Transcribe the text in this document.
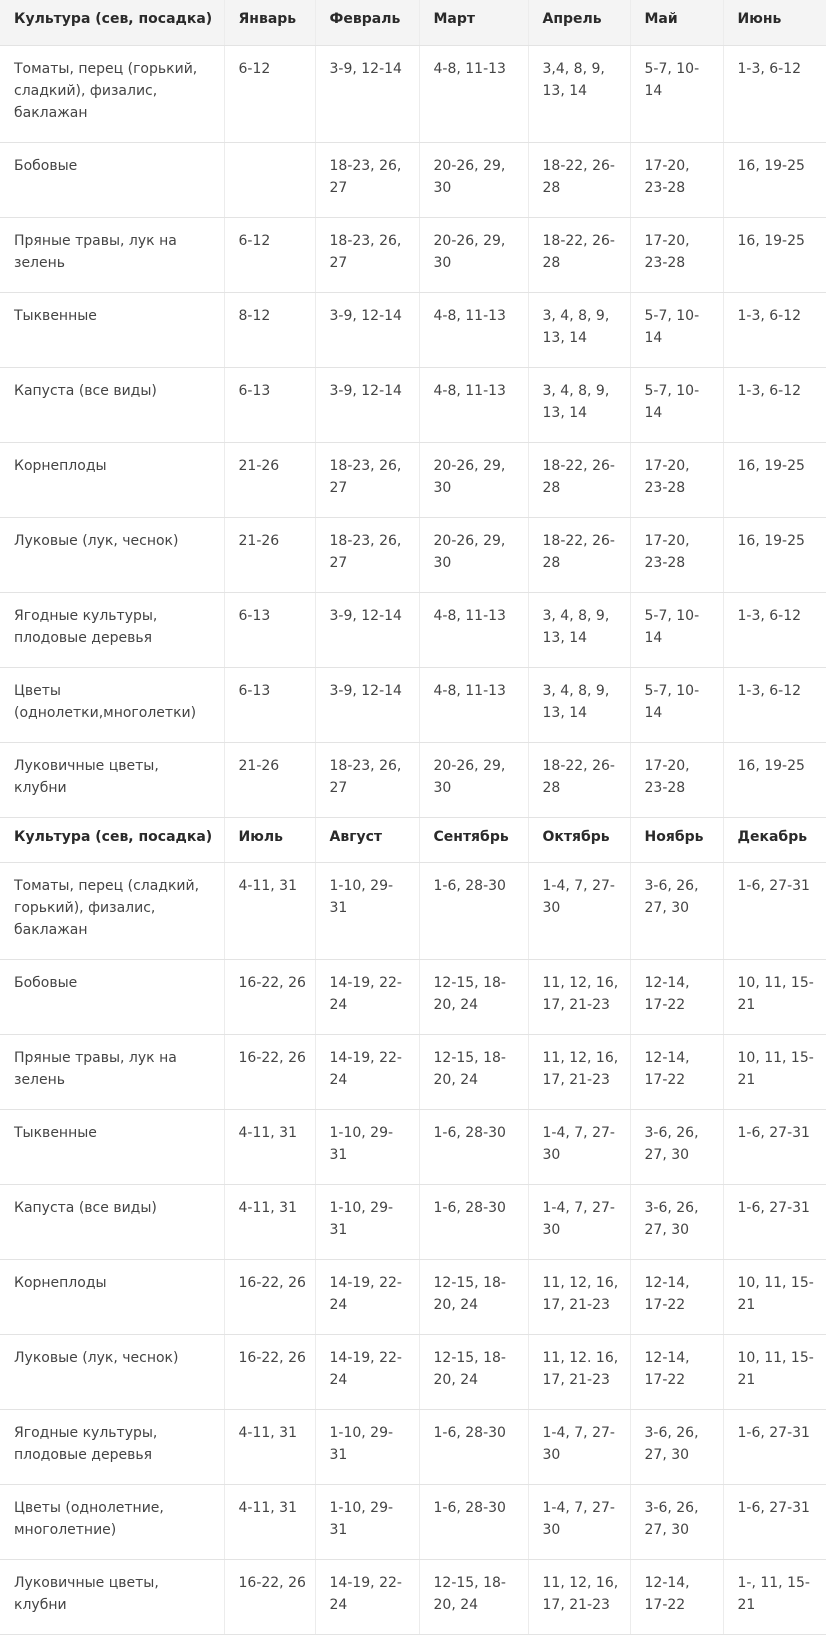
Культура (сев, посадка)	Январь	Февраль	Март	Апрель	Май	Июнь
Томаты, перец (горький, сладкий), физалис, баклажан	6-12	3-9, 12-14	4-8, 11-13	3,4, 8, 9, 13, 14	5-7, 10-14	1-3, 6-12
Бобовые		18-23, 26, 27	20-26, 29, 30	18-22, 26-28	17-20, 23-28	16, 19-25
Пряные травы, лук на зелень	6-12	18-23, 26, 27	20-26, 29, 30	18-22, 26-28	17-20, 23-28	16, 19-25
Тыквенные	8-12	3-9, 12-14	4-8, 11-13	3, 4, 8, 9, 13, 14	5-7, 10-14	1-3, 6-12
Капуста (все виды)	6-13	3-9, 12-14	4-8, 11-13	3, 4, 8, 9, 13, 14	5-7, 10-14	1-3, 6-12
Корнеплоды	21-26	18-23, 26, 27	20-26, 29, 30	18-22, 26-28	17-20, 23-28	16, 19-25
Луковые (лук, чеснок)	21-26	18-23, 26, 27	20-26, 29, 30	18-22, 26-28	17-20, 23-28	16, 19-25
Ягодные культуры, плодовые деревья	6-13	3-9, 12-14	4-8, 11-13	3, 4, 8, 9, 13, 14	5-7, 10-14	1-3, 6-12
Цветы (однолетки,многолетки)	6-13	3-9, 12-14	4-8, 11-13	3, 4, 8, 9, 13, 14	5-7, 10-14	1-3, 6-12
Луковичные цветы, клубни	21-26	18-23, 26, 27	20-26, 29, 30	18-22, 26-28	17-20, 23-28	16, 19-25
Культура (сев, посадка)	Июль	Август	Сентябрь	Октябрь	Ноябрь	Декабрь
Томаты, перец (сладкий, горький), физалис, баклажан	4-11, 31	1-10, 29-31	1-6, 28-30	1-4, 7, 27-30	3-6, 26, 27, 30	1-6, 27-31
Бобовые	16-22, 26	14-19, 22-24	12-15, 18-20, 24	11, 12, 16, 17, 21-23	12-14, 17-22	10, 11, 15-21
Пряные травы, лук на зелень	16-22, 26	14-19, 22-24	12-15, 18-20, 24	11, 12, 16, 17, 21-23	12-14, 17-22	10, 11, 15-21
Тыквенные	4-11, 31	1-10, 29-31	1-6, 28-30	1-4, 7, 27-30	3-6, 26, 27, 30	1-6, 27-31
Капуста (все виды)	4-11, 31	1-10, 29-31	1-6, 28-30	1-4, 7, 27-30	3-6, 26, 27, 30	1-6, 27-31
Корнеплоды	16-22, 26	14-19, 22-24	12-15, 18-20, 24	11, 12, 16, 17, 21-23	12-14, 17-22	10, 11, 15-21
Луковые (лук, чеснок)	16-22, 26	14-19, 22-24	12-15, 18-20, 24	11, 12. 16, 17, 21-23	12-14, 17-22	10, 11, 15-21
Ягодные культуры, плодовые деревья	4-11, 31	1-10, 29-31	1-6, 28-30	1-4, 7, 27-30	3-6, 26, 27, 30	1-6, 27-31
Цветы (однолетние, многолетние)	4-11, 31	1-10, 29-31	1-6, 28-30	1-4, 7, 27-30	3-6, 26, 27, 30	1-6, 27-31
Луковичные цветы, клубни	16-22, 26	14-19, 22-24	12-15, 18-20, 24	11, 12, 16, 17, 21-23	12-14, 17-22	1-, 11, 15-21
